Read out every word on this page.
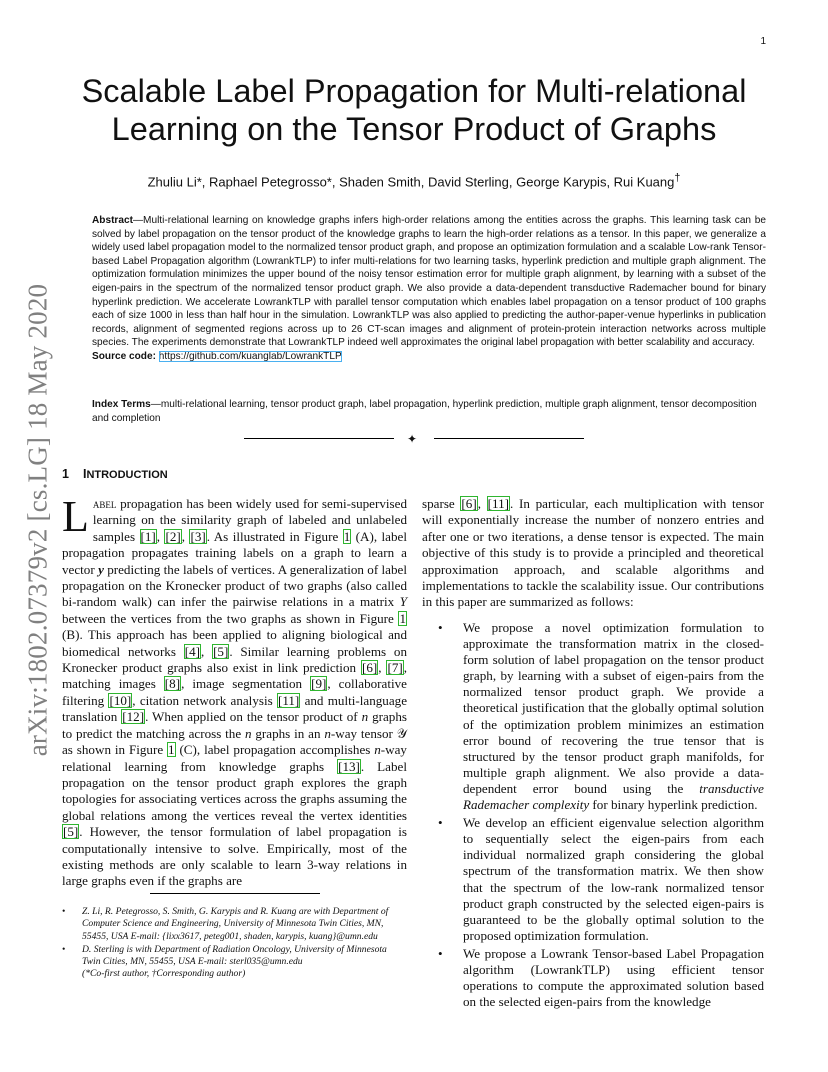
1
arXiv:1802.07379v2 [cs.LG] 18 May 2020
Scalable Label Propagation for Multi-relational
Learning on the Tensor Product of Graphs
Zhuliu Li*, Raphael Petegrosso*, Shaden Smith, David Sterling, George Karypis, Rui Kuang†

Abstract—Multi-relational learning on knowledge graphs infers high-order relations among the entities across the graphs. This learning task can be solved by label propagation on the tensor product of the knowledge graphs to learn the high-order relations as a tensor. In this paper, we generalize a widely used label propagation model to the normalized tensor product graph, and propose an optimization formulation and a scalable Low-rank Tensor-based Label Propagation algorithm (LowrankTLP) to infer multi-relations for two learning tasks, hyperlink prediction and multiple graph alignment. The optimization formulation minimizes the upper bound of the noisy tensor estimation error for multiple graph alignment, by learning with a subset of the eigen-pairs in the spectrum of the normalized tensor product graph. We also provide a data-dependent transductive Rademacher bound for binary hyperlink prediction. We accelerate LowrankTLP with parallel tensor computation which enables label propagation on a tensor product of 100 graphs each of size 1000 in less than half hour in the simulation. LowrankTLP was also applied to predicting the author-paper-venue hyperlinks in publication records, alignment of segmented regions across up to 26 CT-scan images and alignment of protein-protein interaction networks across multiple species. The experiments demonstrate that LowrankTLP indeed well approximates the original label propagation with better scalability and accuracy.
Source code: https://github.com/kuanglab/LowrankTLP

Index Terms—multi-relational learning, tensor product graph, label propagation, hyperlink prediction, multiple graph alignment, tensor decomposition and completion

✦
1 INTRODUCTION

Label propagation has been widely used for semi-supervised learning on the similarity graph of labeled and unlabeled samples [1], [2], [3]. As illustrated in Figure 1 (A), label propagation propagates training labels on a graph to learn a vector y predicting the labels of vertices. A generalization of label propagation on the Kronecker product of two graphs (also called bi-random walk) can infer the pairwise relations in a matrix Y between the vertices from the two graphs as shown in Figure 1 (B). This approach has been applied to aligning biological and biomedical networks [4], [5]. Similar learning problems on Kronecker product graphs also exist in link prediction [6], [7], matching images [8], image segmentation [9], collaborative filtering [10], citation network analysis [11] and multi-language translation [12]. When applied on the tensor product of n graphs to predict the matching across the n graphs in an n-way tensor 𝒴 as shown in Figure 1 (C), label propagation accomplishes n-way relational learning from knowledge graphs [13]. Label propagation on the tensor product graph explores the graph topologies for associating vertices across the graphs assuming the global relations among the vertices reveal the vertex identities [5]. However, the tensor formulation of label propagation is computationally intensive to solve. Empirically, most of the existing methods are only scalable to learn 3-way relations in large graphs even if the graphs are

sparse [6], [11]. In particular, each multiplication with tensor will exponentially increase the number of nonzero entries and after one or two iterations, a dense tensor is expected. The main objective of this study is to provide a principled and theoretical approximation approach, and scalable algorithms and implementations to tackle the scalability issue. Our contributions in this paper are summarized as follows:

• We propose a novel optimization formulation to approximate the transformation matrix in the closed-form solution of label propagation on the tensor product graph, by learning with a subset of eigen-pairs from the normalized tensor product graph. We provide a theoretical justification that the globally optimal solution of the optimization problem minimizes an estimation error bound of recovering the true tensor that is structured by the tensor product graph manifolds, for multiple graph alignment. We also provide a data-dependent error bound using the transductive Rademacher complexity for binary hyperlink prediction.
• We develop an efficient eigenvalue selection algorithm to sequentially select the eigen-pairs from each individual normalized graph considering the global spectrum of the transformation matrix. We then show that the spectrum of the low-rank normalized tensor product graph constructed by the selected eigen-pairs is guaranteed to be the globally optimal solution to the proposed optimization formulation.
• We propose a Lowrank Tensor-based Label Propagation algorithm (LowrankTLP) using efficient tensor operations to compute the approximated solution based on the selected eigen-pairs from the knowledge
• Z. Li, R. Petegrosso, S. Smith, G. Karypis and R. Kuang are with Department of Computer Science and Engineering, University of Minnesota Twin Cities, MN, 55455, USA E-mail: {lixx3617, peteg001, shaden, karypis, kuang}@umn.edu
• D. Sterling is with Department of Radiation Oncology, University of Minnesota Twin Cities, MN, 55455, USA E-mail: sterl035@umn.edu
(*Co-first author, †Corresponding author)
